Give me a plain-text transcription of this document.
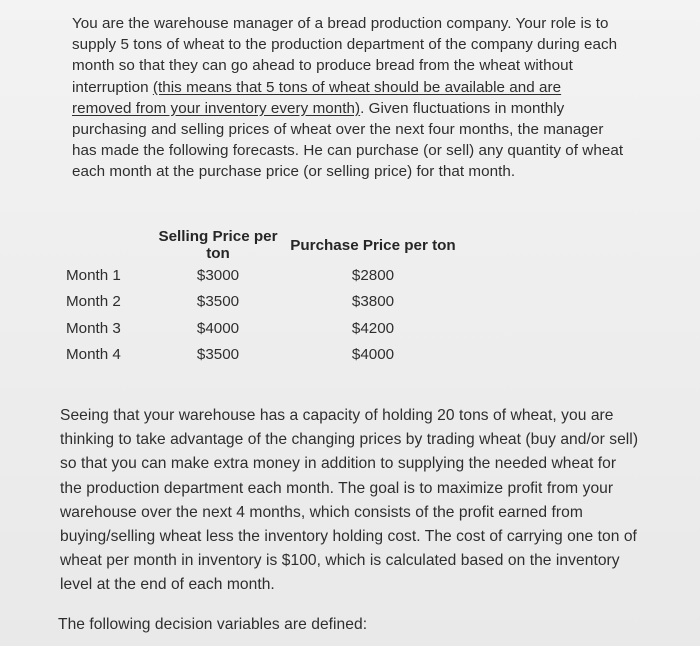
You are the warehouse manager of a bread production company. Your role is to supply 5 tons of wheat to the production department of the company during each month so that they can go ahead to produce bread from the wheat without interruption (this means that 5 tons of wheat should be available and are removed from your inventory every month). Given fluctuations in monthly purchasing and selling prices of wheat over the next four months, the manager has made the following forecasts. He can purchase (or sell) any quantity of wheat each month at the purchase price (or selling price) for that month.
	Selling Price per ton	Purchase Price per ton
Month 1	$3000	$2800
Month 2	$3500	$3800
Month 3	$4000	$4200
Month 4	$3500	$4000
Seeing that your warehouse has a capacity of holding 20 tons of wheat, you are thinking to take advantage of the changing prices by trading wheat (buy and/or sell) so that you can make extra money in addition to supplying the needed wheat for the production department each month. The goal is to maximize profit from your warehouse over the next 4 months, which consists of the profit earned from buying/selling wheat less the inventory holding cost. The cost of carrying one ton of wheat per month in inventory is $100, which is calculated based on the inventory level at the end of each month.
The following decision variables are defined:
